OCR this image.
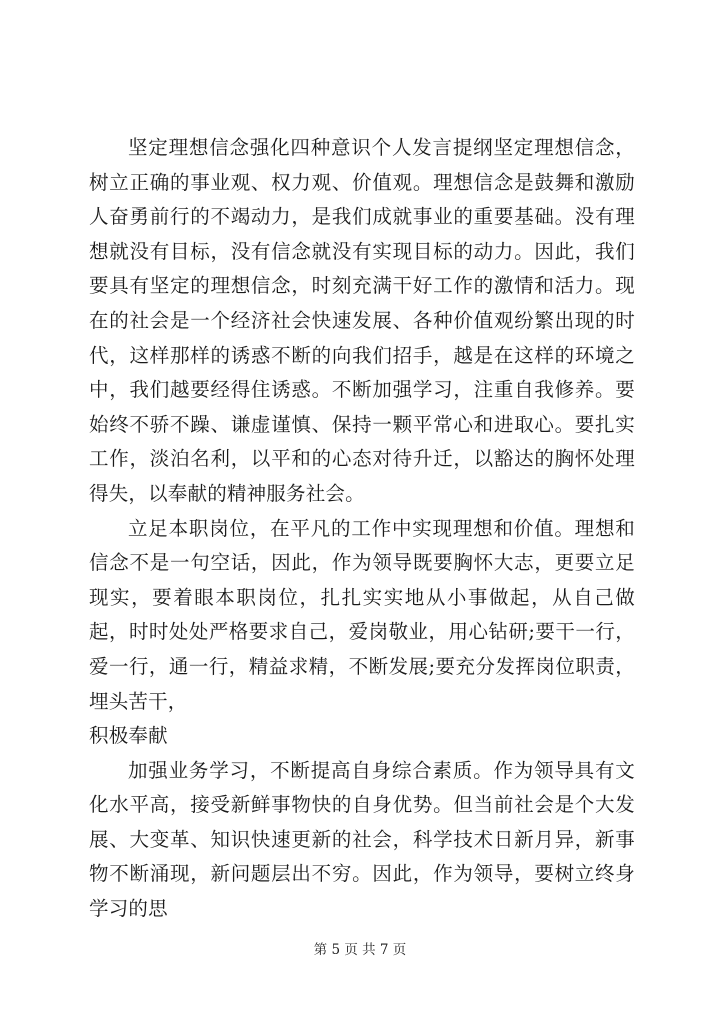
坚定理想信念强化四种意识个人发言提纲坚定理想信念，树立正确的事业观、权力观、价值观。理想信念是鼓舞和激励人奋勇前行的不竭动力，是我们成就事业的重要基础。没有理想就没有目标，没有信念就没有实现目标的动力。因此，我们要具有坚定的理想信念，时刻充满干好工作的激情和活力。现在的社会是一个经济社会快速发展、各种价值观纷繁出现的时代，这样那样的诱惑不断的向我们招手，越是在这样的环境之中，我们越要经得住诱惑。不断加强学习，注重自我修养。要始终不骄不躁、谦虚谨慎、保持一颗平常心和进取心。要扎实工作，淡泊名利，以平和的心态对待升迁，以豁达的胸怀处理得失，以奉献的精神服务社会。

立足本职岗位，在平凡的工作中实现理想和价值。理想和信念不是一句空话，因此，作为领导既要胸怀大志，更要立足现实，要着眼本职岗位，扎扎实实地从小事做起，从自己做起，时时处处严格要求自己，爱岗敬业，用心钻研;要干一行，爱一行，通一行，精益求精，不断发展;要充分发挥岗位职责，埋头苦干，

积极奉献

加强业务学习，不断提高自身综合素质。作为领导具有文化水平高，接受新鲜事物快的自身优势。但当前社会是个大发展、大变革、知识快速更新的社会，科学技术日新月异，新事物不断涌现，新问题层出不穷。因此，作为领导，要树立终身学习的思

第 5 页 共 7 页
